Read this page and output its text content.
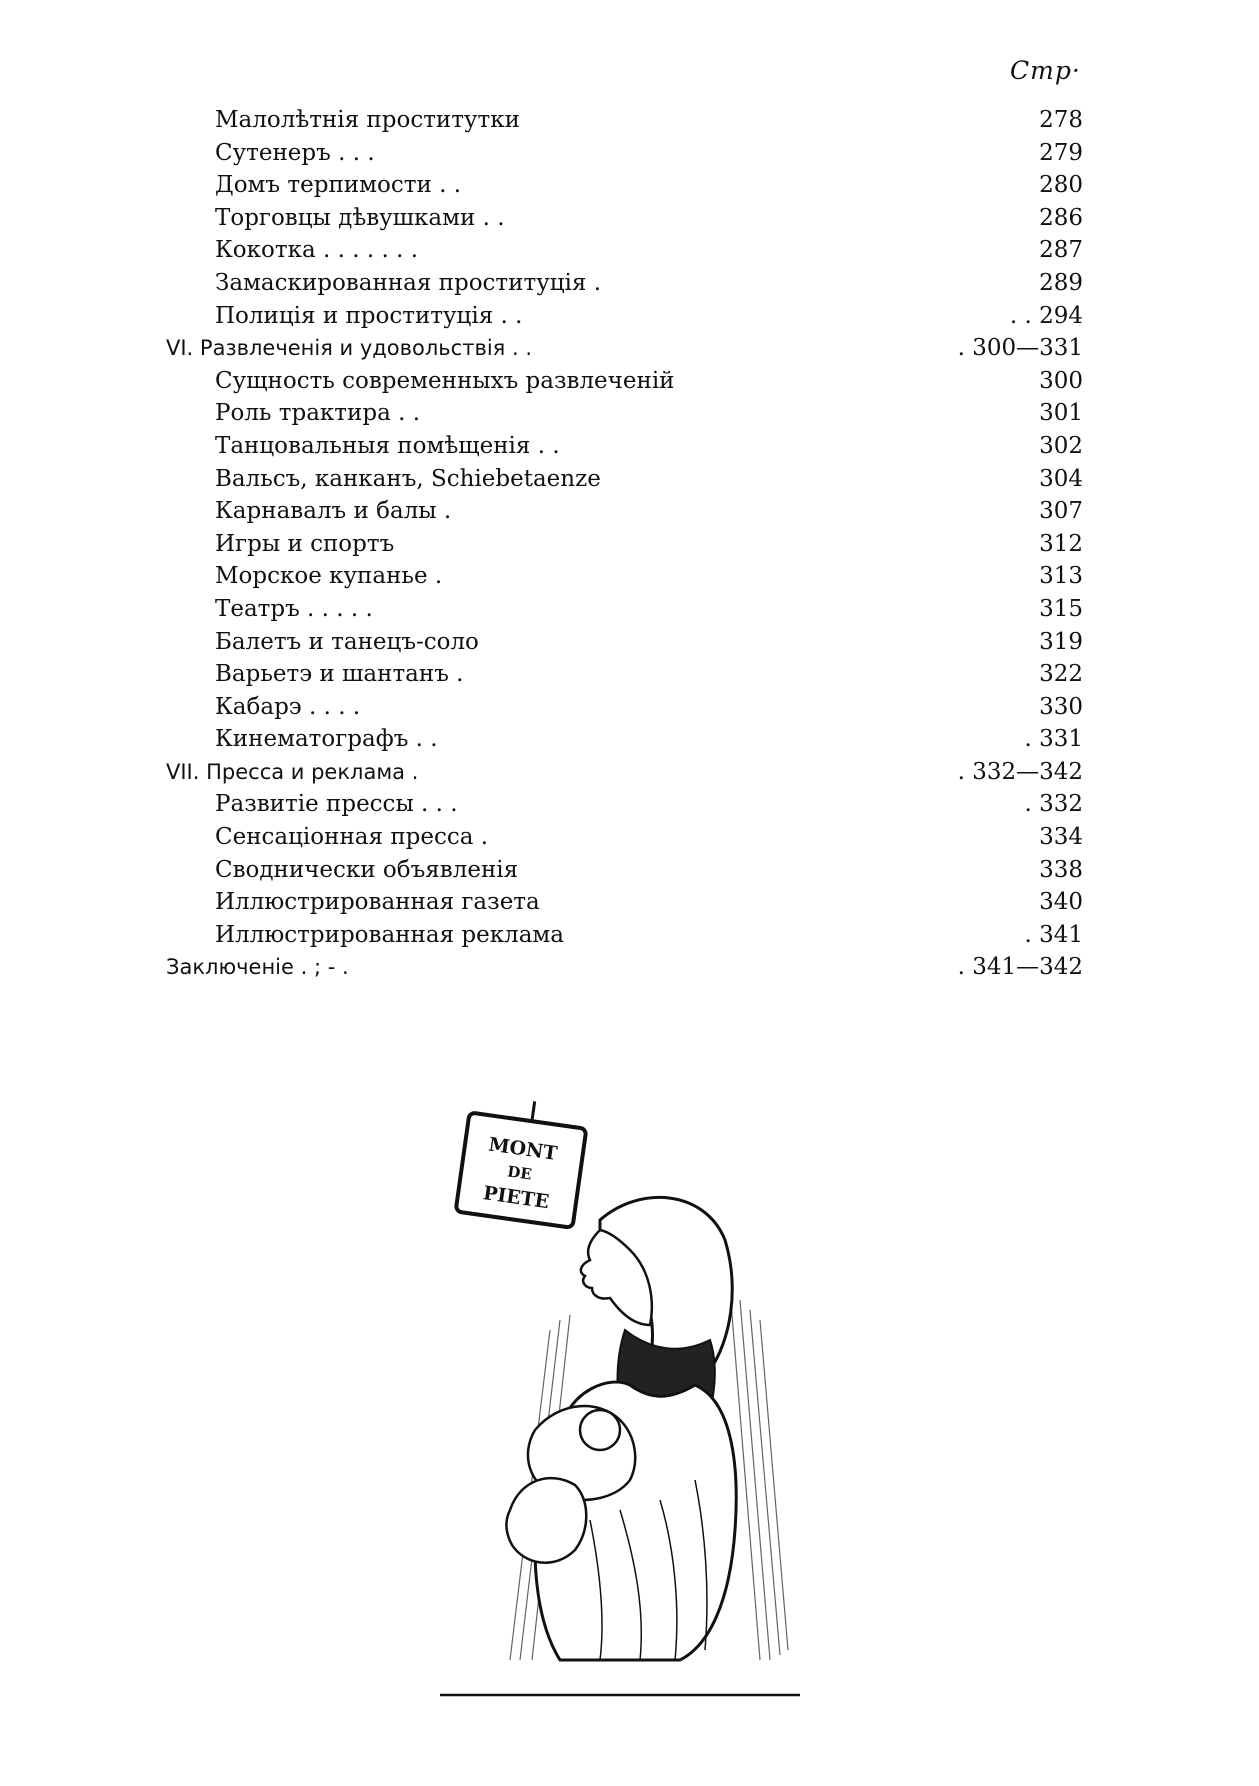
Стр·
Малолѣтнія проститутки	278
Сутенеръ . . .	279
Домъ терпимости . .	280
Торговцы дѣвушками . .	286
Кокотка . . . . . . .	287
Замаскированная проституція .	289
Полиція и проституція . .	. . 294
VI. Развлеченія и удовольствія . .	. 300—331
Сущность современныхъ развлеченій	300
Роль трактира . .	301
Танцовальныя помѣщенія . .	302
Вальсъ, канканъ, Schiebetaenze	304
Карнавалъ и балы .	307
Игры и спортъ	312
Морское купанье .	313
Театръ . . . . .	315
Балетъ и танецъ-соло	319
Варьетэ и шантанъ .	322
Кабарэ . . . .	330
Кинематографъ . .	. 331
VII. Пресса и реклама .	. 332—342
Развитіе прессы . . .	. 332
Сенсаціонная пресса .	334
Своднически объявленія	338
Иллюстрированная газета	340
Иллюстрированная реклама	. 341
Заключеніе . ; - .	. 341—342
MONT
DE
PIETE
